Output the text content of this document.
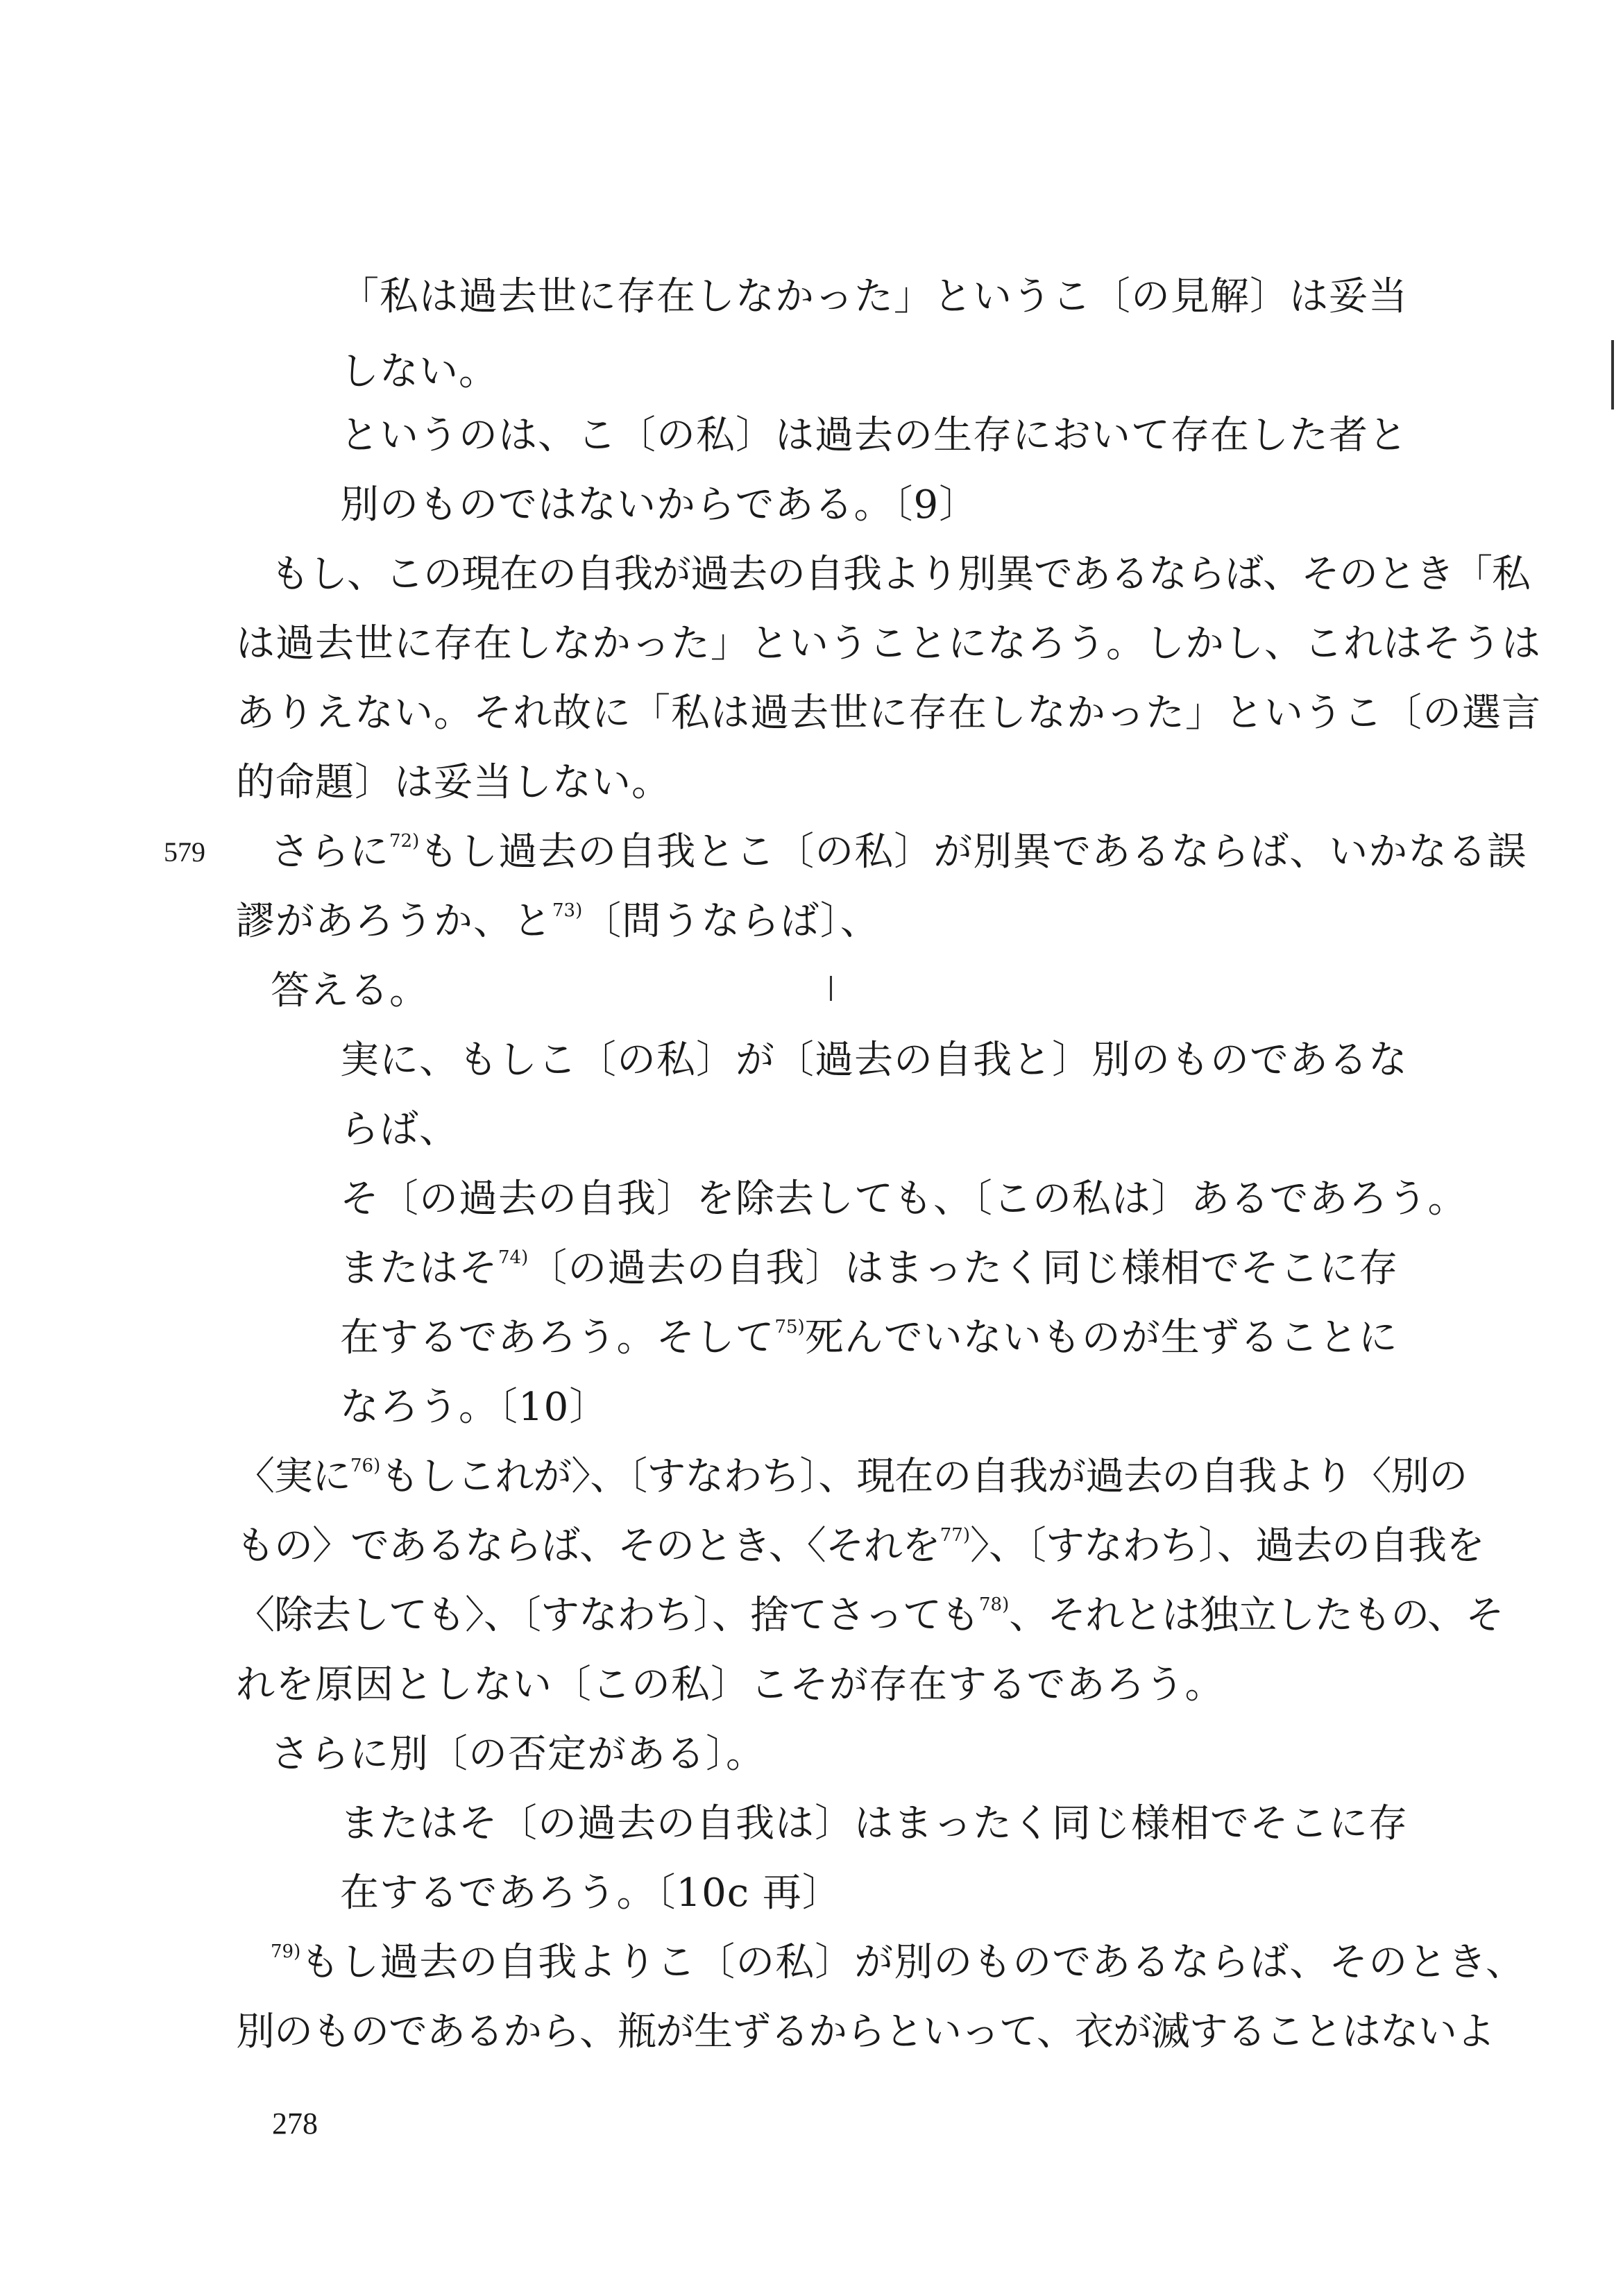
「私は過去世に存在しなかった」というこ〔の見解〕は妥当
しない。
というのは、こ〔の私〕は過去の生存において存在した者と
別のものではないからである。〔9〕
もし、この現在の自我が過去の自我より別異であるならば、そのとき「私
は過去世に存在しなかった」ということになろう。しかし、これはそうは
ありえない。それ故に「私は過去世に存在しなかった」というこ〔の選言
的命題〕は妥当しない。
579 さらに$^{72)}$もし過去の自我とこ〔の私〕が別異であるならば、いかなる誤
謬があろうか、と$^{73)}$〔問うならば〕、
答える。
実に、もしこ〔の私〕が〔過去の自我と〕別のものであるな
らば、
そ〔の過去の自我〕を除去しても、〔この私は〕あるであろう。
またはそ$^{74)}$〔の過去の自我〕はまったく同じ様相でそこに存
在するであろう。そして$^{75)}$死んでいないものが生ずることに
なろう。〔10〕
〈実に$^{76)}$もしこれが〉、〔すなわち〕、現在の自我が過去の自我より〈別の
もの〉であるならば、そのとき、〈それを$^{77)}$〉、〔すなわち〕、過去の自我を
〈除去しても〉、〔すなわち〕、捨てさっても$^{78)}$、それとは独立したもの、そ
れを原因としない〔この私〕こそが存在するであろう。
さらに別〔の否定がある〕。
またはそ〔の過去の自我は〕はまったく同じ様相でそこに存
在するであろう。〔10c 再〕
$^{79)}$もし過去の自我よりこ〔の私〕が別のものであるならば、そのとき、
別のものであるから、瓶が生ずるからといって、衣が滅することはないよ
278
